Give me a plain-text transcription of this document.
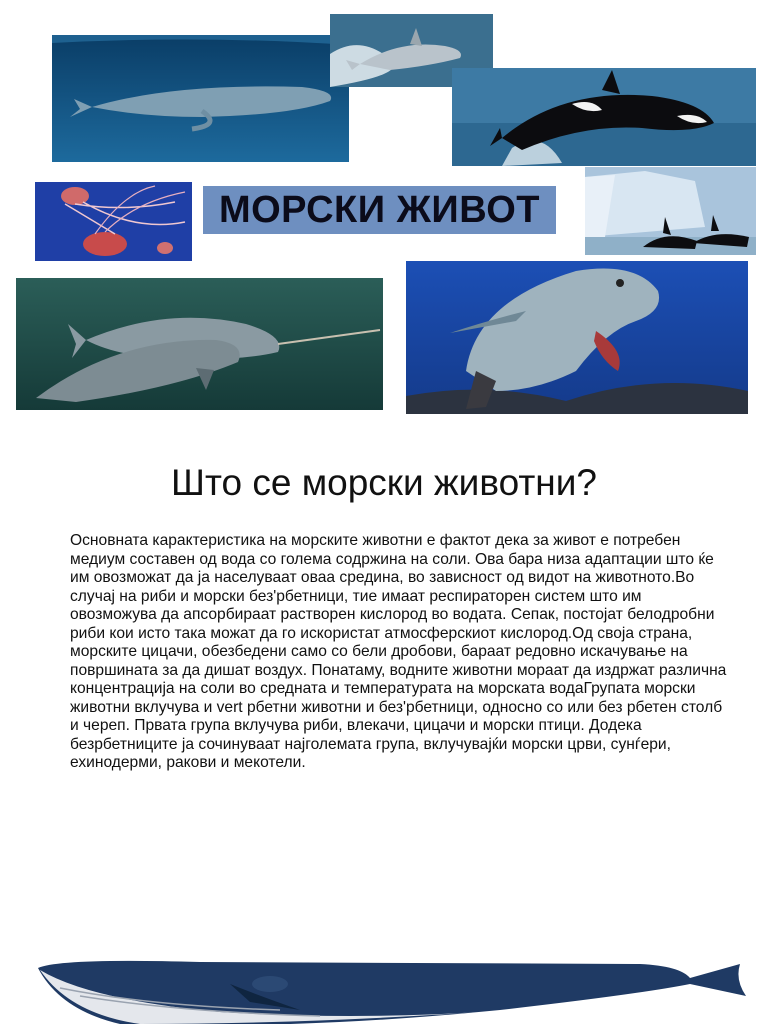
МОРСКИ ЖИВОТ
Што се морски животни?

Основната карактеристика на морските животни е фактот дека за живот е потребен медиум составен од вода со голема содржина на соли. Ова бара низа адаптации што ќе им овозможат да ја населуваат оваа средина, во зависност од видот на животното.Во случај на риби и морски без'рбетници, тие имаат респираторен систем што им овозможува да апсорбираат растворен кислород во водата. Сепак, постојат белодробни риби кои исто така можат да го искористат атмосферскиот кислород.Од своја страна, морските цицачи, обезбедени само со бели дробови, бараат редовно искачување на површината за да дишат воздух. Понатаму, водните животни мораат да издржат различна концентрација на соли во средната и температурата на морската водаГрупата морски животни вклучува и vert рбетни животни и без'рбетници, односно со или без рбетен столб и череп. Првата група вклучува риби, влекачи, цицачи и морски птици. Додека безрбетниците ја сочинуваат најголемата група, вклучувајќи морски црви, сунѓери, ехинодерми, ракови и мекотели.
